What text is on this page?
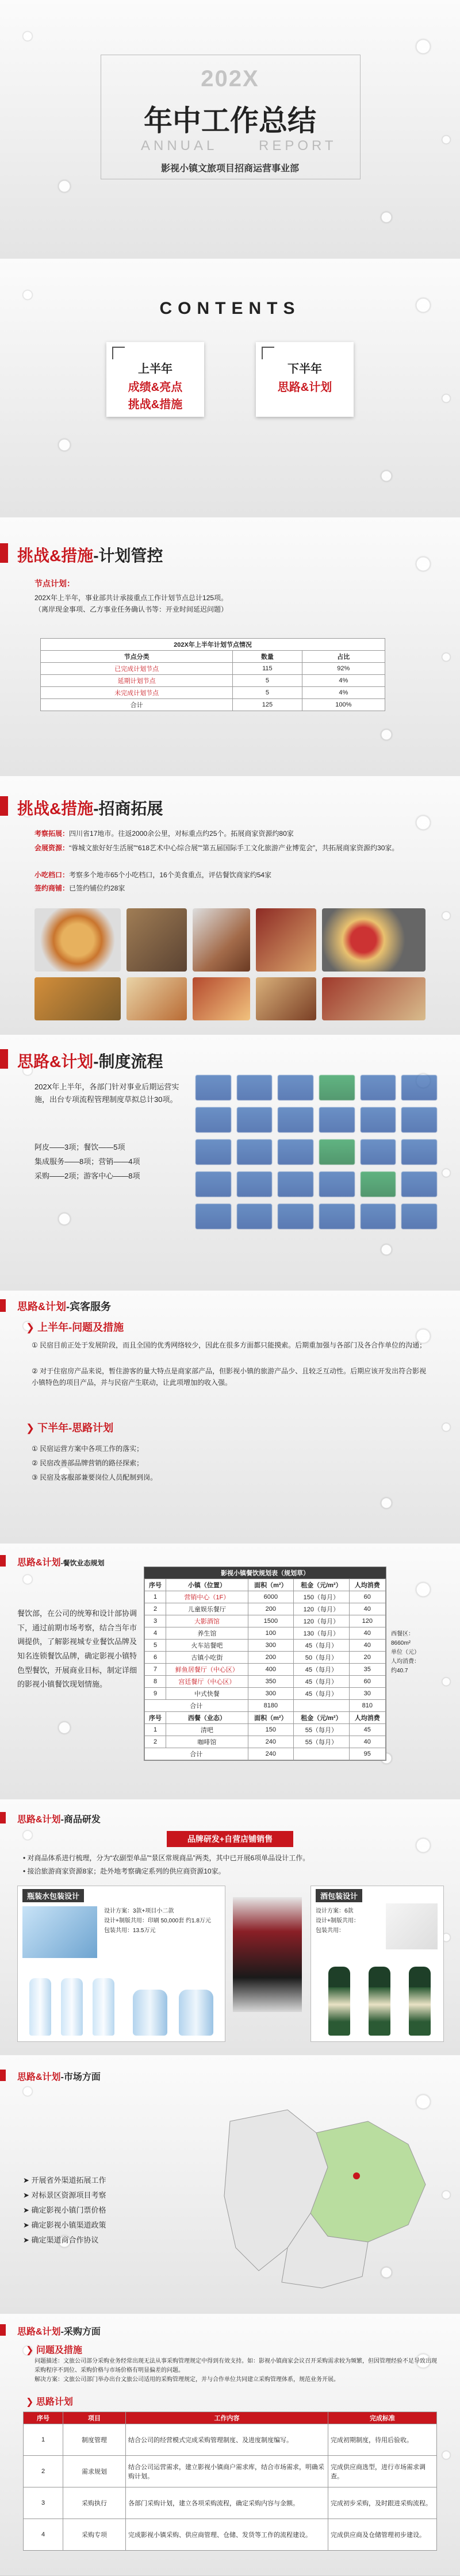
202X
年中工作总结
ANNUAL	REPORT
影视小镇文旅项目招商运营事业部
CONTENTS
上半年
成绩&亮点
挑战&措施
下半年
思路&计划
挑战&措施-计划管控
节点计划：
202X年上半年，事业部共计承接重点工作计划节点总计125项。
（离岸现金事项、乙方事业任务确认书等：开业时间延迟问题）
202X年上半年计划节点情况		
节点分类	数量	占比
已完成计划节点	115	92%
延期计划节点	5	4%
未完成计划节点	5	4%
合计	125	100%
挑战&措施-招商拓展
考察拓展：四川省17地市。往返2000余公里，对标重点约25个。拓展商家资源约80家
会展资源：“蓉城文旅好好生活展”“618艺术中心综合展”“第五届国际手工文化旅游产业博览会”，共拓展商家资源约30家。
小吃档口：考察多个地市65个小吃档口，16个美食重点，评估餐饮商家约54家
签约商铺：已签约铺位约28家
思路&计划-制度流程
202X年上半年，各部门针对事业后期运营实施，出台专项流程管理制度草拟总计30项。
阿皮——3项；餐饮——5项
集成服务——8项；营销——4项
采购——2项；游客中心——8项
思路&计划-宾客服务
❯ 上半年-问题及措施
① 民宿目前正处于发展阶段，而且全国的优秀网络较少，因此在很多方面都只能摸索。后期重加强与各部门及各合作单位的沟通；
② 对于住宿房产品来说，暂住游客的量大特点是商家部产品，但影视小镇的旅游产品少、且较乏互动性。后期应该开发出符合影视小镇特色的项目产品，并与民宿产生联动，让此项增加的收入强。
❯ 下半年-思路计划
① 民宿运营方案中各项工作的落实；
② 民宿改善部品牌营销的路径探索；
③ 民宿及客服部兼要岗位人员配制到岗。
思路&计划-餐饮业态规划
餐饮部，在公司的统筹和设计部协调下，通过前期市场考察，结合当年市调提供，了解影视城专业餐饮品牌及知名连锁餐饮品牌，确定影视小镇特色型餐饮，开展商业目标，制定详细的影视小镇餐饮现划情施。
影视小镇餐饮规划表（规划草）
序号	小镇（位置）	面积（m²）	租金（元/m²）	人均消费
1	营销中心（1F）	6000	150（每月）	60
2	儿童娱乐餐厅	200	120（每月）	40
3	大影酒馆	1500	120（每月）	120
4	养生馆	100	130（每月）	40
5	火车站餐吧	300	45（每月）	40
6	古镇小吃街	200	50（每月）	20
7	鲜鱼居餐厅（中心区）	400	45（每月）	35
8	宫廷餐厅（中心区）	350	45（每月）	60
9	中式快餐	300	45（每月）	30
合计		8180		810
序号	西餐（业态）	面积（m²）	租金（元/m²）	人均消费
1	清吧	150	55（每月）	45
2	咖啡馆	240	55（每月）	40
合计		240		95
西餐区：
8660m²
单位（元）
人均消费：
约40.7
思路&计划-商品研发
品牌研发+自营店铺销售
• 对商品体系进行梳理，分为“农副型单品”“景区常规商品”两类，其中已开展6项单品设计工作。
• 接洽旅游商家资源8家；赴外地考察确定系列的供应商资源10家。
瓶装水包装设计
设计方案：3款+项目小二款
设计+制版共用：印刷 50,000套 约1.8万元
包装共用：13.5万元
酒包装设计
设计方案：6款
设计+制版共用：
包装共用：
思路&计划-市场方面
➤ 开展省外渠道拓展工作
➤ 对标景区资源项目考察
➤ 确定影视小镇门票价格
➤ 确定影视小镇渠道政策
➤ 确定渠道商合作协议
思路&计划-采购方面
❯ 问题及措施
问题描述：文旅公司部分采购业务经常出现无法从事采购管理规定中得到有效支持。如：影视小镇商家会议召开采购需求较为频繁，但因管理经验不足导致出现采购程序不到位、采购价格与市场价格有明显偏差的问题。
解决方案：文旅公司部门举办出台文旅公司适用的采购管理规定，并与合作单位共同建立采购管理体系，规范业务开展。
❯ 思路计划
序号	项目	工作内容	完成标准
1	制度管理	结合公司的经营模式完成采购管理制度、及进度制度编写。	完成初期制度，待用后验收。
2	需求规划	结合公司运营需求，建立影视小镇商户需求库，结合市场需求，明确采购计划。	完成供应商选型，进行市场需求调查。
3	采购执行	各部门采购计划，建立各项采购流程，确定采购内容与金额。	完成初步采购，及时跟进采购流程。
4	采购专项	完成影视小镇采购、供应商管理、仓储、发货等工作的流程建设。	完成供应商及仓储管理初步建设。
